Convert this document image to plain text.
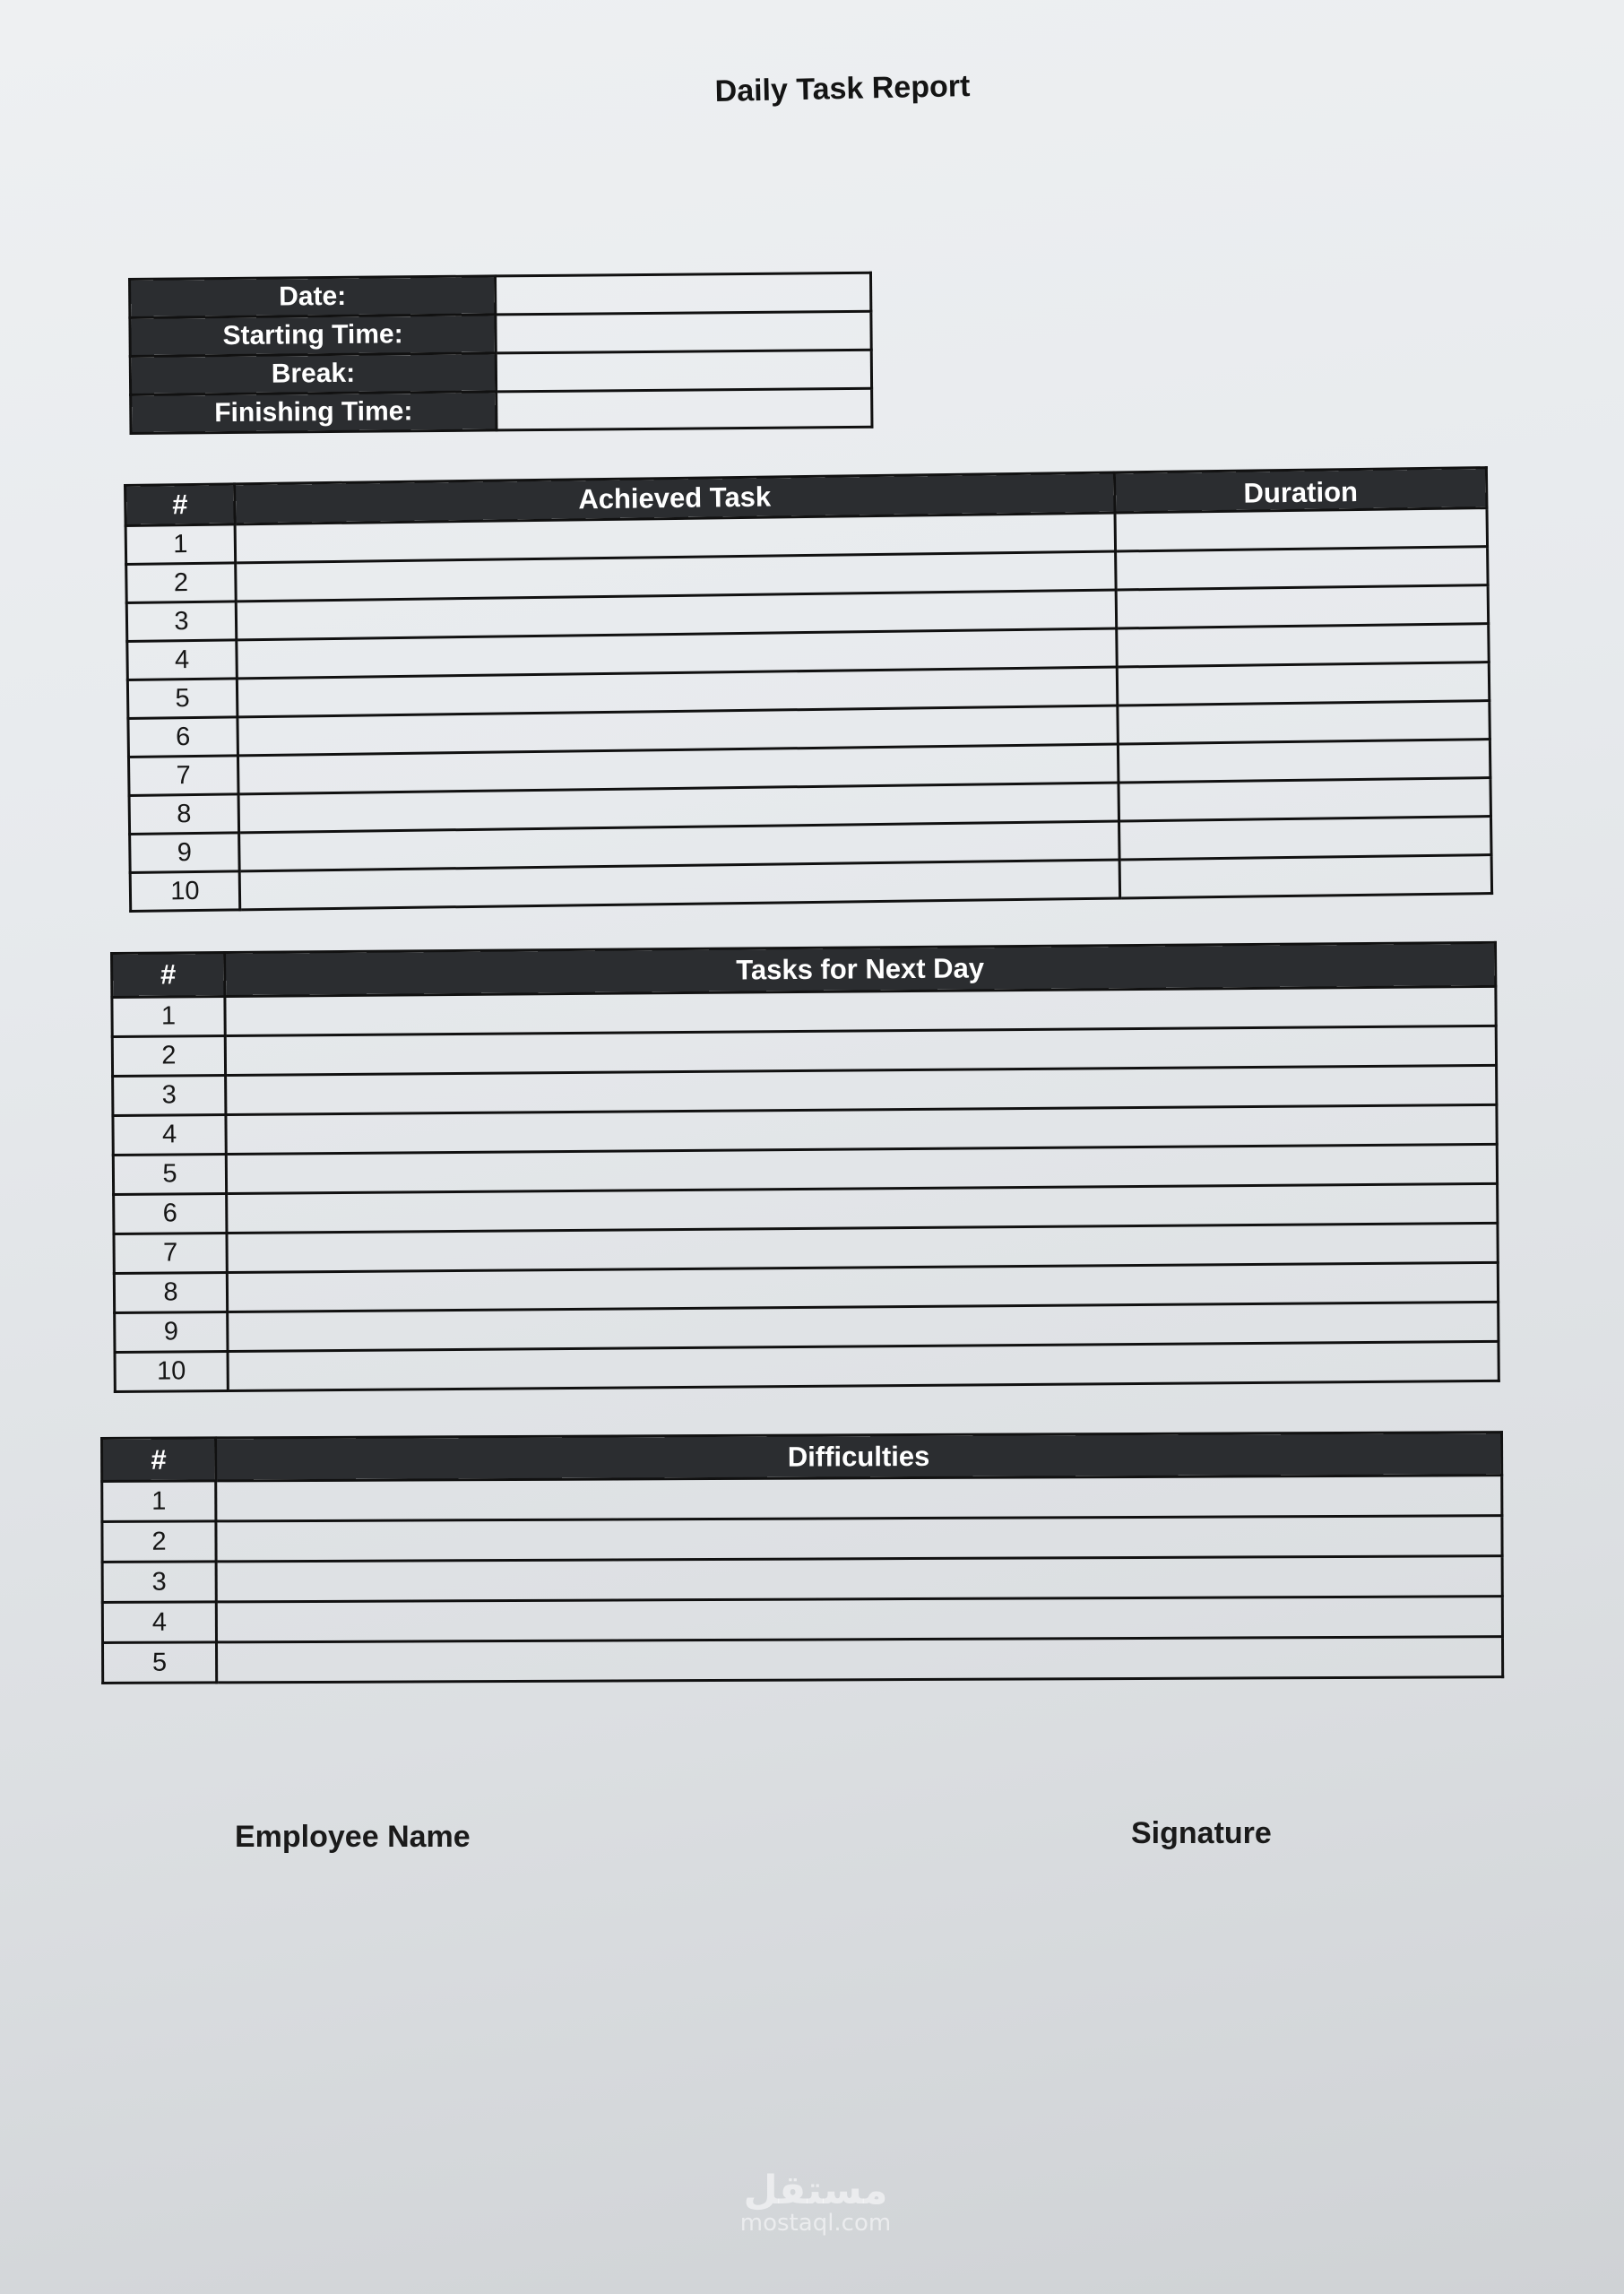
Daily Task Report
Date:	
Starting Time:	
Break:	
Finishing Time:	
#	Achieved Task	Duration
1		
2		
3		
4		
5		
6		
7		
8		
9		
10		
#	Tasks for Next Day
1	
2	
3	
4	
5	
6	
7	
8	
9	
10	
#	Difficulties
1	
2	
3	
4	
5	
Employee Name	Signature
مستقل
mostaql.com
